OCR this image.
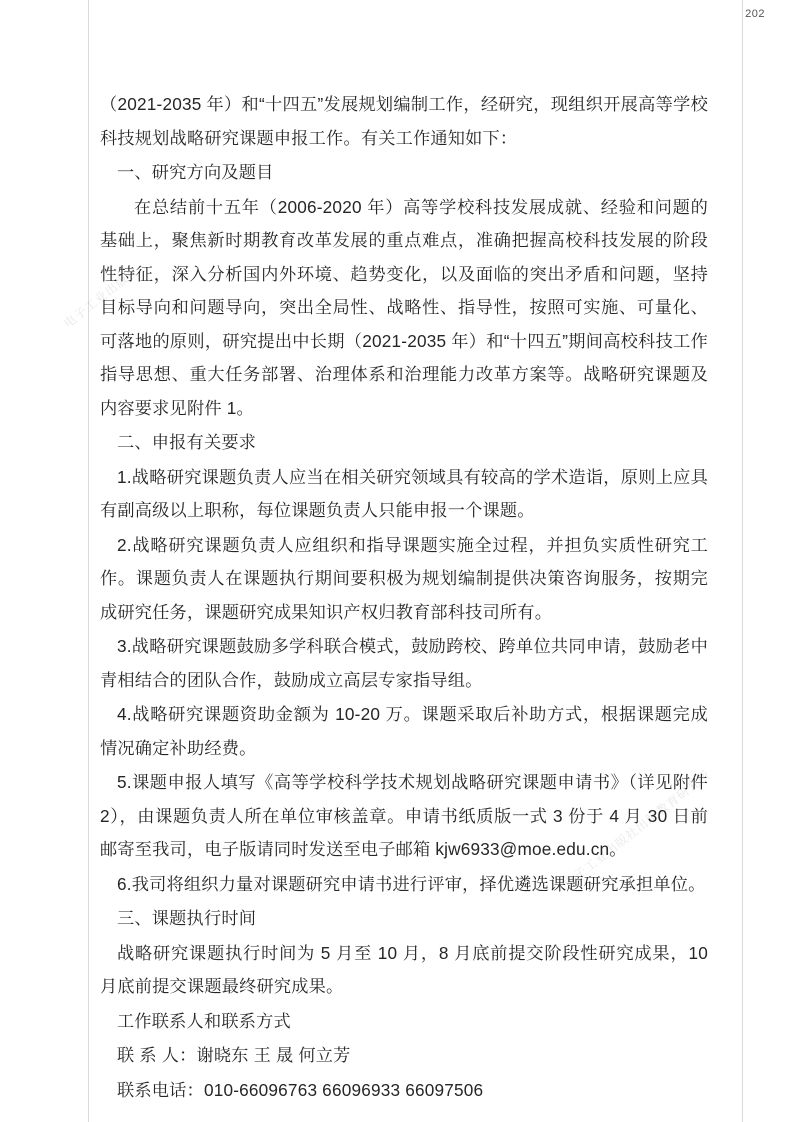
202
电子工业出版社
电子工业出版社出版教育研究所

（2021-2035 年）和“十四五”发展规划编制工作，经研究，现组织开展高等学校科技规划战略研究课题申报工作。有关工作通知如下：

一、研究方向及题目

在总结前十五年（2006-2020 年）高等学校科技发展成就、经验和问题的基础上，聚焦新时期教育改革发展的重点难点，准确把握高校科技发展的阶段性特征，深入分析国内外环境、趋势变化，以及面临的突出矛盾和问题，坚持目标导向和问题导向，突出全局性、战略性、指导性，按照可实施、可量化、可落地的原则，研究提出中长期（2021-2035 年）和“十四五”期间高校科技工作指导思想、重大任务部署、治理体系和治理能力改革方案等。战略研究课题及内容要求见附件 1。

二、申报有关要求

1.战略研究课题负责人应当在相关研究领域具有较高的学术造诣，原则上应具有副高级以上职称，每位课题负责人只能申报一个课题。

2.战略研究课题负责人应组织和指导课题实施全过程，并担负实质性研究工作。课题负责人在课题执行期间要积极为规划编制提供决策咨询服务，按期完成研究任务，课题研究成果知识产权归教育部科技司所有。

3.战略研究课题鼓励多学科联合模式，鼓励跨校、跨单位共同申请，鼓励老中青相结合的团队合作，鼓励成立高层专家指导组。

4.战略研究课题资助金额为 10-20 万。课题采取后补助方式，根据课题完成情况确定补助经费。

5.课题申报人填写《高等学校科学技术规划战略研究课题申请书》（详见附件 2），由课题负责人所在单位审核盖章。申请书纸质版一式 3 份于 4 月 30 日前邮寄至我司，电子版请同时发送至电子邮箱 kjw6933@moe.edu.cn。

6.我司将组织力量对课题研究申请书进行评审，择优遴选课题研究承担单位。

三、课题执行时间

战略研究课题执行时间为 5 月至 10 月，8 月底前提交阶段性研究成果，10 月底前提交课题最终研究成果。

工作联系人和联系方式

联 系 人：谢晓东 王 晟 何立芳

联系电话：010-66096763 66096933 66097506
